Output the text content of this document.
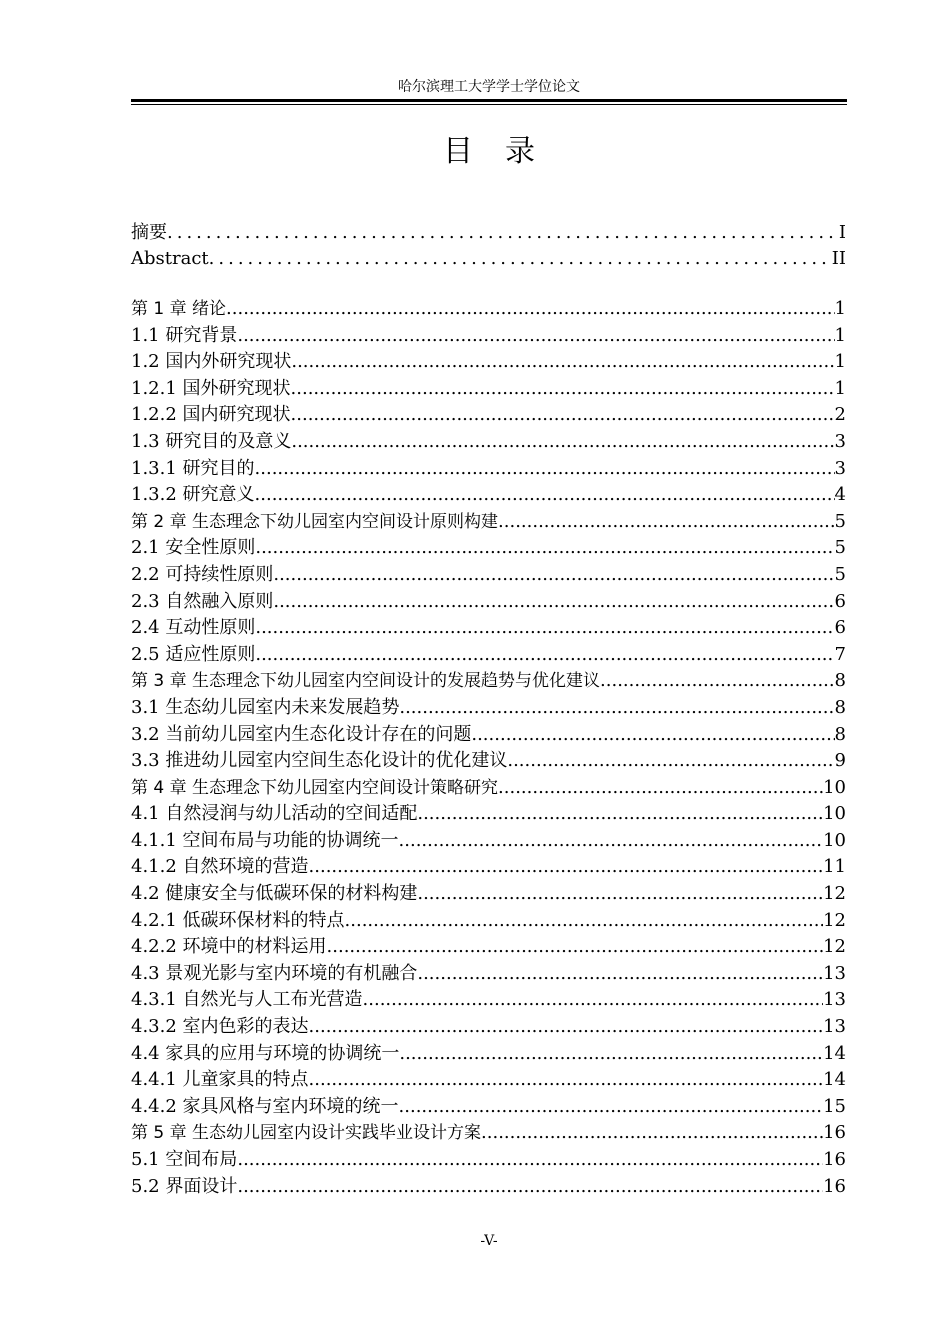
哈尔滨理工大学学士学位论文
目录
摘要 .....	I
Abstract .....	II
第 1 章 绪论 .....	1
1.1 研究背景 .....	1
1.2 国内外研究现状 .....	1
1.2.1 国外研究现状 .....	1
1.2.2 国内研究现状 .....	2
1.3 研究目的及意义 .....	3
1.3.1 研究目的 .....	3
1.3.2 研究意义 .....	4
第 2 章 生态理念下幼儿园室内空间设计原则构建 .....	5
2.1 安全性原则 .....	5
2.2 可持续性原则 .....	5
2.3 自然融入原则 .....	6
2.4 互动性原则 .....	6
2.5 适应性原则 .....	7
第 3 章 生态理念下幼儿园室内空间设计的发展趋势与优化建议 .....	8
3.1 生态幼儿园室内未来发展趋势 .....	8
3.2 当前幼儿园室内生态化设计存在的问题 .....	8
3.3 推进幼儿园室内空间生态化设计的优化建议 .....	9
第 4 章 生态理念下幼儿园室内空间设计策略研究 .....	10
4.1 自然浸润与幼儿活动的空间适配 .....	10
4.1.1 空间布局与功能的协调统一 .....	10
4.1.2 自然环境的营造 .....	11
4.2 健康安全与低碳环保的材料构建 .....	12
4.2.1 低碳环保材料的特点 .....	12
4.2.2 环境中的材料运用 .....	12
4.3 景观光影与室内环境的有机融合 .....	13
4.3.1 自然光与人工布光营造 .....	13
4.3.2 室内色彩的表达 .....	13
4.4 家具的应用与环境的协调统一 .....	14
4.4.1 儿童家具的特点 .....	14
4.4.2 家具风格与室内环境的统一 .....	15
第 5 章 生态幼儿园室内设计实践毕业设计方案 .....	16
5.1 空间布局 .....	16
5.2 界面设计 .....	16
-V-
